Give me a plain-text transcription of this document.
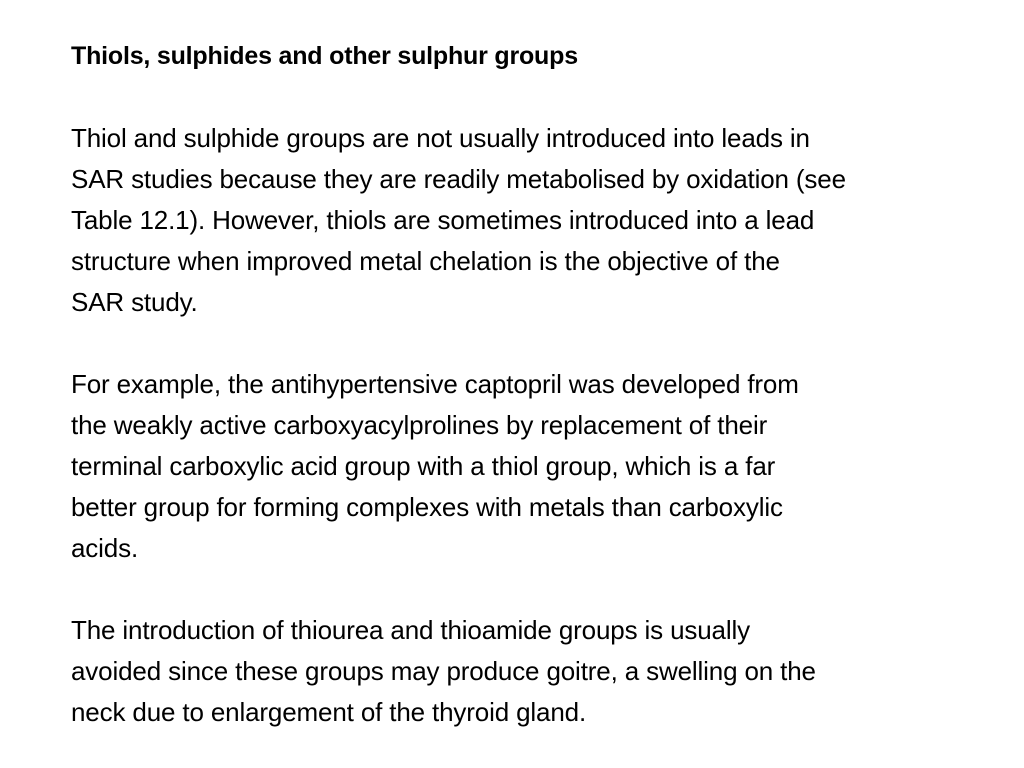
Thiols, sulphides and other sulphur groups

Thiol and sulphide groups are not usually introduced into leads in
SAR studies because they are readily metabolised by oxidation (see
Table 12.1). However, thiols are sometimes introduced into a lead
structure when improved metal chelation is the objective of the
SAR study.

For example, the antihypertensive captopril was developed from
the weakly active carboxyacylprolines by replacement of their
terminal carboxylic acid group with a thiol group, which is a far
better group for forming complexes with metals than carboxylic
acids.

The introduction of thiourea and thioamide groups is usually
avoided since these groups may produce goitre, a swelling on the
neck due to enlargement of the thyroid gland.
